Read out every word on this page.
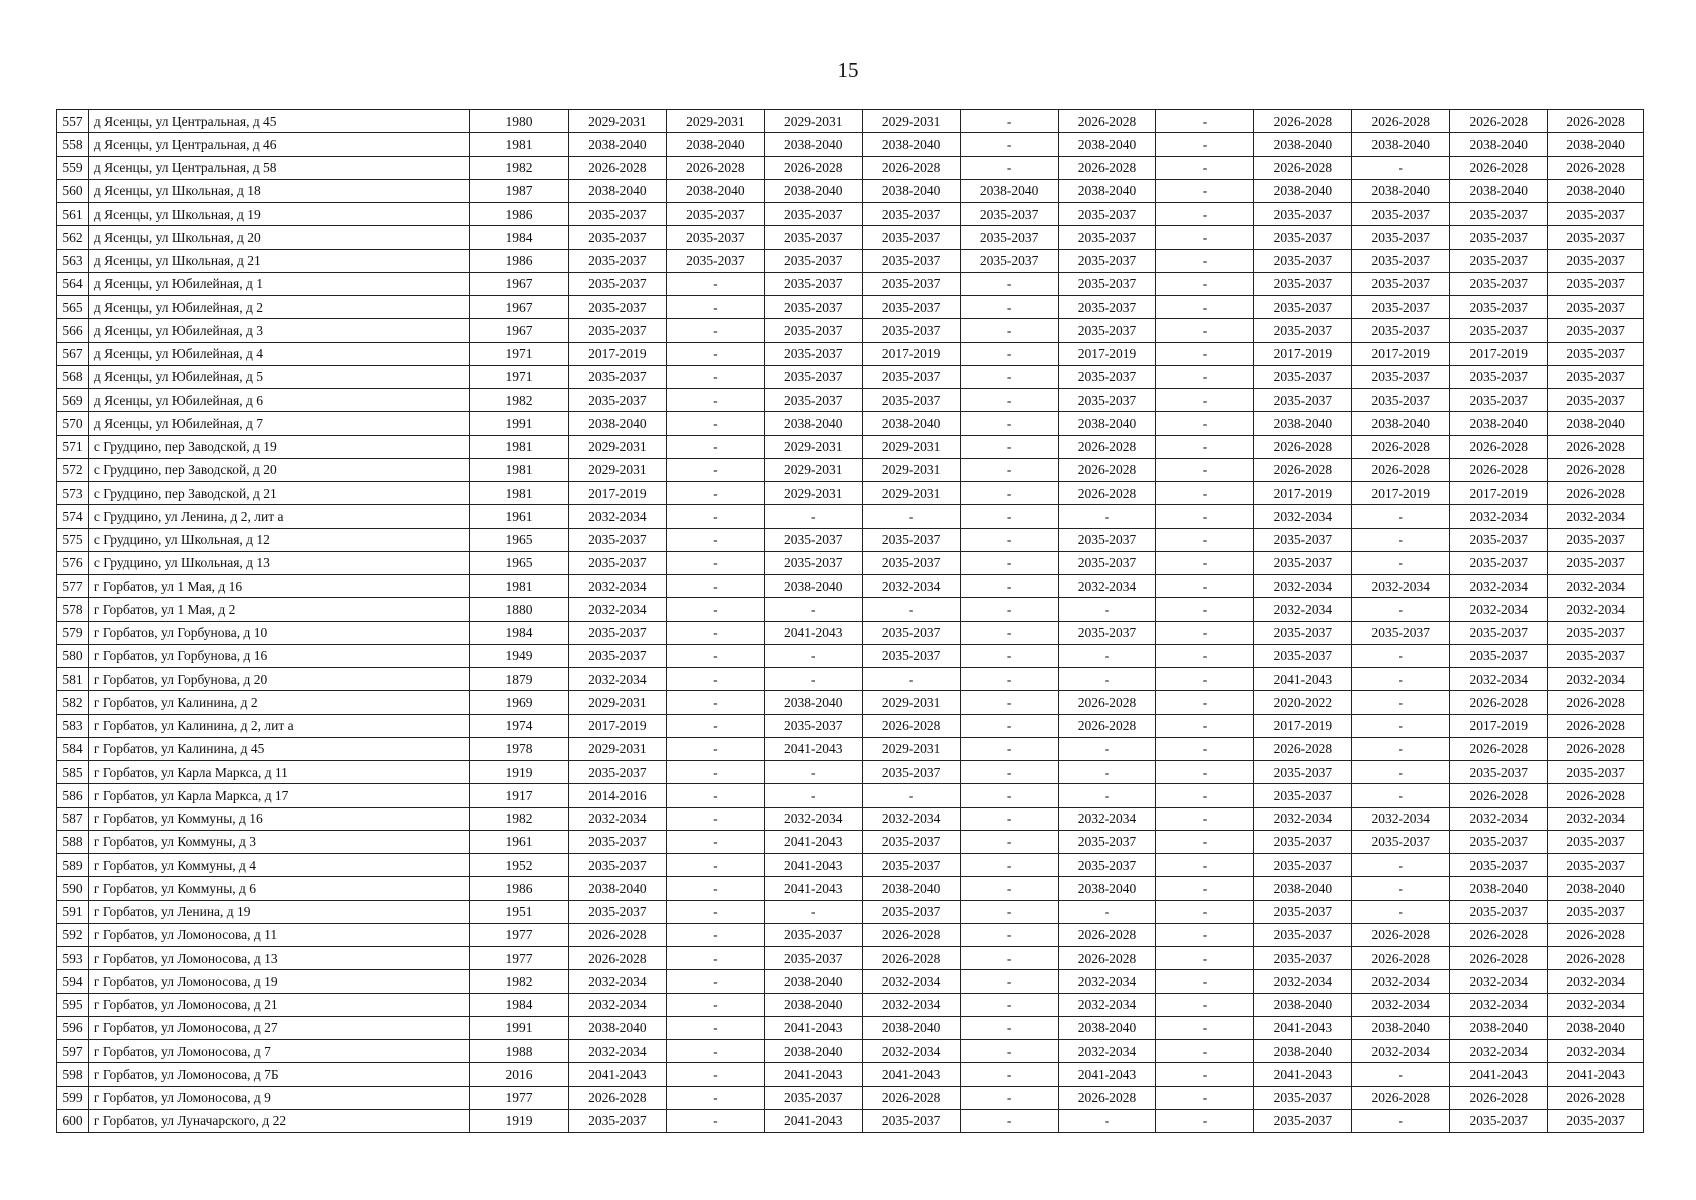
15
557	д Ясенцы, ул Центральная, д 45	1980	2029-2031	2029-2031	2029-2031	2029-2031	-	2026-2028	-	2026-2028	2026-2028	2026-2028	2026-2028
558	д Ясенцы, ул Центральная, д 46	1981	2038-2040	2038-2040	2038-2040	2038-2040	-	2038-2040	-	2038-2040	2038-2040	2038-2040	2038-2040
559	д Ясенцы, ул Центральная, д 58	1982	2026-2028	2026-2028	2026-2028	2026-2028	-	2026-2028	-	2026-2028	-	2026-2028	2026-2028
560	д Ясенцы, ул Школьная, д 18	1987	2038-2040	2038-2040	2038-2040	2038-2040	2038-2040	2038-2040	-	2038-2040	2038-2040	2038-2040	2038-2040
561	д Ясенцы, ул Школьная, д 19	1986	2035-2037	2035-2037	2035-2037	2035-2037	2035-2037	2035-2037	-	2035-2037	2035-2037	2035-2037	2035-2037
562	д Ясенцы, ул Школьная, д 20	1984	2035-2037	2035-2037	2035-2037	2035-2037	2035-2037	2035-2037	-	2035-2037	2035-2037	2035-2037	2035-2037
563	д Ясенцы, ул Школьная, д 21	1986	2035-2037	2035-2037	2035-2037	2035-2037	2035-2037	2035-2037	-	2035-2037	2035-2037	2035-2037	2035-2037
564	д Ясенцы, ул Юбилейная, д 1	1967	2035-2037	-	2035-2037	2035-2037	-	2035-2037	-	2035-2037	2035-2037	2035-2037	2035-2037
565	д Ясенцы, ул Юбилейная, д 2	1967	2035-2037	-	2035-2037	2035-2037	-	2035-2037	-	2035-2037	2035-2037	2035-2037	2035-2037
566	д Ясенцы, ул Юбилейная, д 3	1967	2035-2037	-	2035-2037	2035-2037	-	2035-2037	-	2035-2037	2035-2037	2035-2037	2035-2037
567	д Ясенцы, ул Юбилейная, д 4	1971	2017-2019	-	2035-2037	2017-2019	-	2017-2019	-	2017-2019	2017-2019	2017-2019	2035-2037
568	д Ясенцы, ул Юбилейная, д 5	1971	2035-2037	-	2035-2037	2035-2037	-	2035-2037	-	2035-2037	2035-2037	2035-2037	2035-2037
569	д Ясенцы, ул Юбилейная, д 6	1982	2035-2037	-	2035-2037	2035-2037	-	2035-2037	-	2035-2037	2035-2037	2035-2037	2035-2037
570	д Ясенцы, ул Юбилейная, д 7	1991	2038-2040	-	2038-2040	2038-2040	-	2038-2040	-	2038-2040	2038-2040	2038-2040	2038-2040
571	с Грудцино, пер Заводской, д 19	1981	2029-2031	-	2029-2031	2029-2031	-	2026-2028	-	2026-2028	2026-2028	2026-2028	2026-2028
572	с Грудцино, пер Заводской, д 20	1981	2029-2031	-	2029-2031	2029-2031	-	2026-2028	-	2026-2028	2026-2028	2026-2028	2026-2028
573	с Грудцино, пер Заводской, д 21	1981	2017-2019	-	2029-2031	2029-2031	-	2026-2028	-	2017-2019	2017-2019	2017-2019	2026-2028
574	с Грудцино, ул Ленина, д 2, лит а	1961	2032-2034	-	-	-	-	-	-	2032-2034	-	2032-2034	2032-2034
575	с Грудцино, ул Школьная, д 12	1965	2035-2037	-	2035-2037	2035-2037	-	2035-2037	-	2035-2037	-	2035-2037	2035-2037
576	с Грудцино, ул Школьная, д 13	1965	2035-2037	-	2035-2037	2035-2037	-	2035-2037	-	2035-2037	-	2035-2037	2035-2037
577	г Горбатов, ул 1 Мая, д 16	1981	2032-2034	-	2038-2040	2032-2034	-	2032-2034	-	2032-2034	2032-2034	2032-2034	2032-2034
578	г Горбатов, ул 1 Мая, д 2	1880	2032-2034	-	-	-	-	-	-	2032-2034	-	2032-2034	2032-2034
579	г Горбатов, ул Горбунова, д 10	1984	2035-2037	-	2041-2043	2035-2037	-	2035-2037	-	2035-2037	2035-2037	2035-2037	2035-2037
580	г Горбатов, ул Горбунова, д 16	1949	2035-2037	-	-	2035-2037	-	-	-	2035-2037	-	2035-2037	2035-2037
581	г Горбатов, ул Горбунова, д 20	1879	2032-2034	-	-	-	-	-	-	2041-2043	-	2032-2034	2032-2034
582	г Горбатов, ул Калинина, д 2	1969	2029-2031	-	2038-2040	2029-2031	-	2026-2028	-	2020-2022	-	2026-2028	2026-2028
583	г Горбатов, ул Калинина, д 2, лит а	1974	2017-2019	-	2035-2037	2026-2028	-	2026-2028	-	2017-2019	-	2017-2019	2026-2028
584	г Горбатов, ул Калинина, д 45	1978	2029-2031	-	2041-2043	2029-2031	-	-	-	2026-2028	-	2026-2028	2026-2028
585	г Горбатов, ул Карла Маркса, д 11	1919	2035-2037	-	-	2035-2037	-	-	-	2035-2037	-	2035-2037	2035-2037
586	г Горбатов, ул Карла Маркса, д 17	1917	2014-2016	-	-	-	-	-	-	2035-2037	-	2026-2028	2026-2028
587	г Горбатов, ул Коммуны, д 16	1982	2032-2034	-	2032-2034	2032-2034	-	2032-2034	-	2032-2034	2032-2034	2032-2034	2032-2034
588	г Горбатов, ул Коммуны, д 3	1961	2035-2037	-	2041-2043	2035-2037	-	2035-2037	-	2035-2037	2035-2037	2035-2037	2035-2037
589	г Горбатов, ул Коммуны, д 4	1952	2035-2037	-	2041-2043	2035-2037	-	2035-2037	-	2035-2037	-	2035-2037	2035-2037
590	г Горбатов, ул Коммуны, д 6	1986	2038-2040	-	2041-2043	2038-2040	-	2038-2040	-	2038-2040	-	2038-2040	2038-2040
591	г Горбатов, ул Ленина, д 19	1951	2035-2037	-	-	2035-2037	-	-	-	2035-2037	-	2035-2037	2035-2037
592	г Горбатов, ул Ломоносова, д 11	1977	2026-2028	-	2035-2037	2026-2028	-	2026-2028	-	2035-2037	2026-2028	2026-2028	2026-2028
593	г Горбатов, ул Ломоносова, д 13	1977	2026-2028	-	2035-2037	2026-2028	-	2026-2028	-	2035-2037	2026-2028	2026-2028	2026-2028
594	г Горбатов, ул Ломоносова, д 19	1982	2032-2034	-	2038-2040	2032-2034	-	2032-2034	-	2032-2034	2032-2034	2032-2034	2032-2034
595	г Горбатов, ул Ломоносова, д 21	1984	2032-2034	-	2038-2040	2032-2034	-	2032-2034	-	2038-2040	2032-2034	2032-2034	2032-2034
596	г Горбатов, ул Ломоносова, д 27	1991	2038-2040	-	2041-2043	2038-2040	-	2038-2040	-	2041-2043	2038-2040	2038-2040	2038-2040
597	г Горбатов, ул Ломоносова, д 7	1988	2032-2034	-	2038-2040	2032-2034	-	2032-2034	-	2038-2040	2032-2034	2032-2034	2032-2034
598	г Горбатов, ул Ломоносова, д 7Б	2016	2041-2043	-	2041-2043	2041-2043	-	2041-2043	-	2041-2043	-	2041-2043	2041-2043
599	г Горбатов, ул Ломоносова, д 9	1977	2026-2028	-	2035-2037	2026-2028	-	2026-2028	-	2035-2037	2026-2028	2026-2028	2026-2028
600	г Горбатов, ул Луначарского, д 22	1919	2035-2037	-	2041-2043	2035-2037	-	-	-	2035-2037	-	2035-2037	2035-2037
